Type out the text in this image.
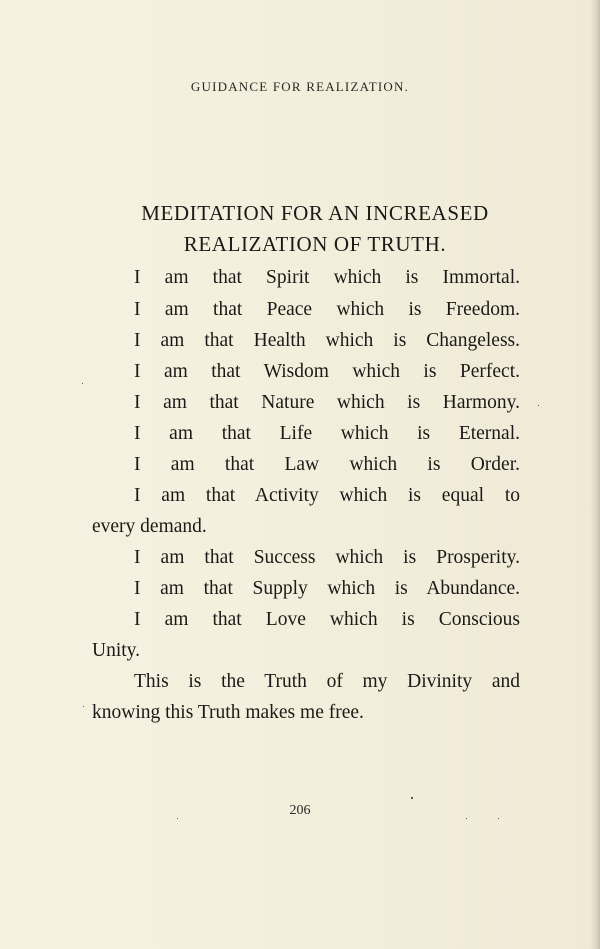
GUIDANCE FOR REALIZATION.
MEDITATION FOR AN INCREASED
REALIZATION OF TRUTH.
I am that Spirit which is Immortal.
I am that Peace which is Freedom.
I am that Health which is Changeless.
I am that Wisdom which is Perfect.
I am that Nature which is Harmony.
I am that Life which is Eternal.
I am that Law which is Order.
I am that Activity which is equal to
every demand.
I am that Success which is Prosperity.
I am that Supply which is Abundance.
I am that Love which is Conscious
Unity.
This is the Truth of my Divinity and
knowing this Truth makes me free.
206
